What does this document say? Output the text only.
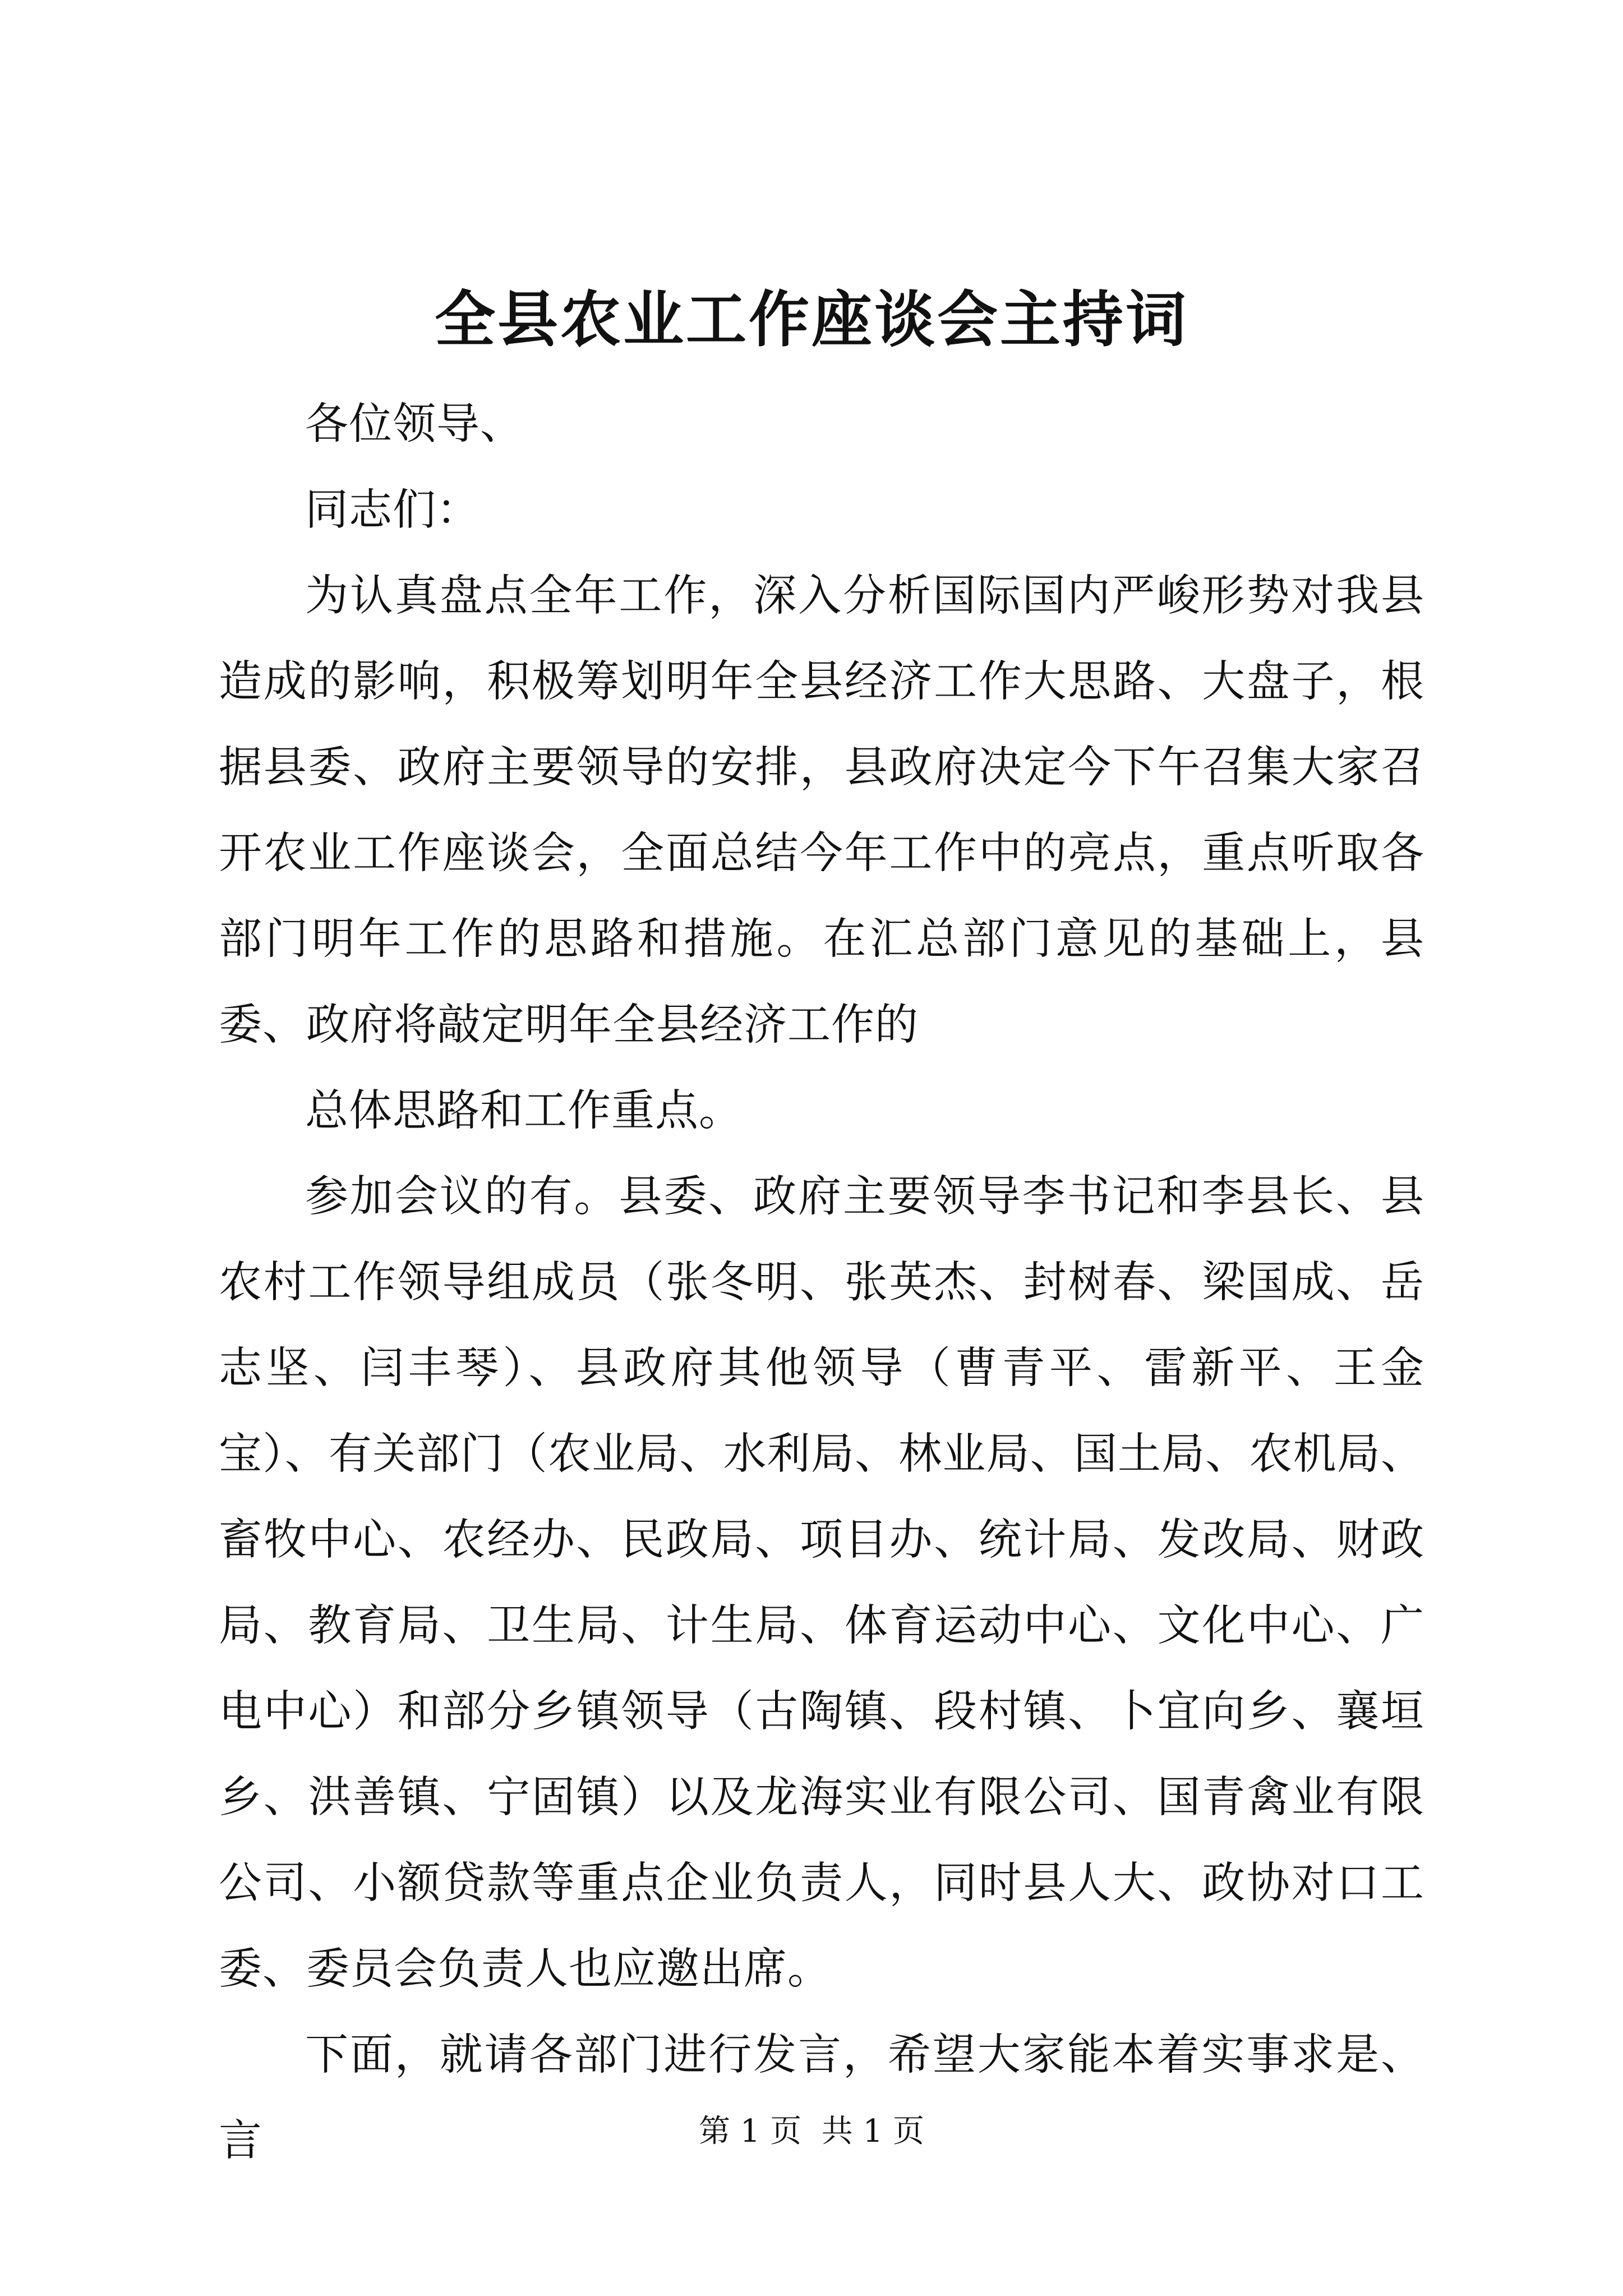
全县农业工作座谈会主持词

各位领导、

同志们：

为认真盘点全年工作，深入分析国际国内严峻形势对我县造成的影响，积极筹划明年全县经济工作大思路、大盘子，根据县委、政府主要领导的安排，县政府决定今下午召集大家召开农业工作座谈会，全面总结今年工作中的亮点，重点听取各部门明年工作的思路和措施。在汇总部门意见的基础上，县委、政府将敲定明年全县经济工作的

总体思路和工作重点。

参加会议的有。县委、政府主要领导李书记和李县长、县农村工作领导组成员（张冬明、张英杰、封树春、梁国成、岳志坚、闫丰琴）、县政府其他领导（曹青平、雷新平、王金宝）、有关部门（农业局、水利局、林业局、国土局、农机局、畜牧中心、农经办、民政局、项目办、统计局、发改局、财政局、教育局、卫生局、计生局、体育运动中心、文化中心、广电中心）和部分乡镇领导（古陶镇、段村镇、卜宜向乡、襄垣乡、洪善镇、宁固镇）以及龙海实业有限公司、国青禽业有限公司、小额贷款等重点企业负责人，同时县人大、政协对口工委、委员会负责人也应邀出席。

下面，就请各部门进行发言，希望大家能本着实事求是、言	第 1 页  共 1 页
